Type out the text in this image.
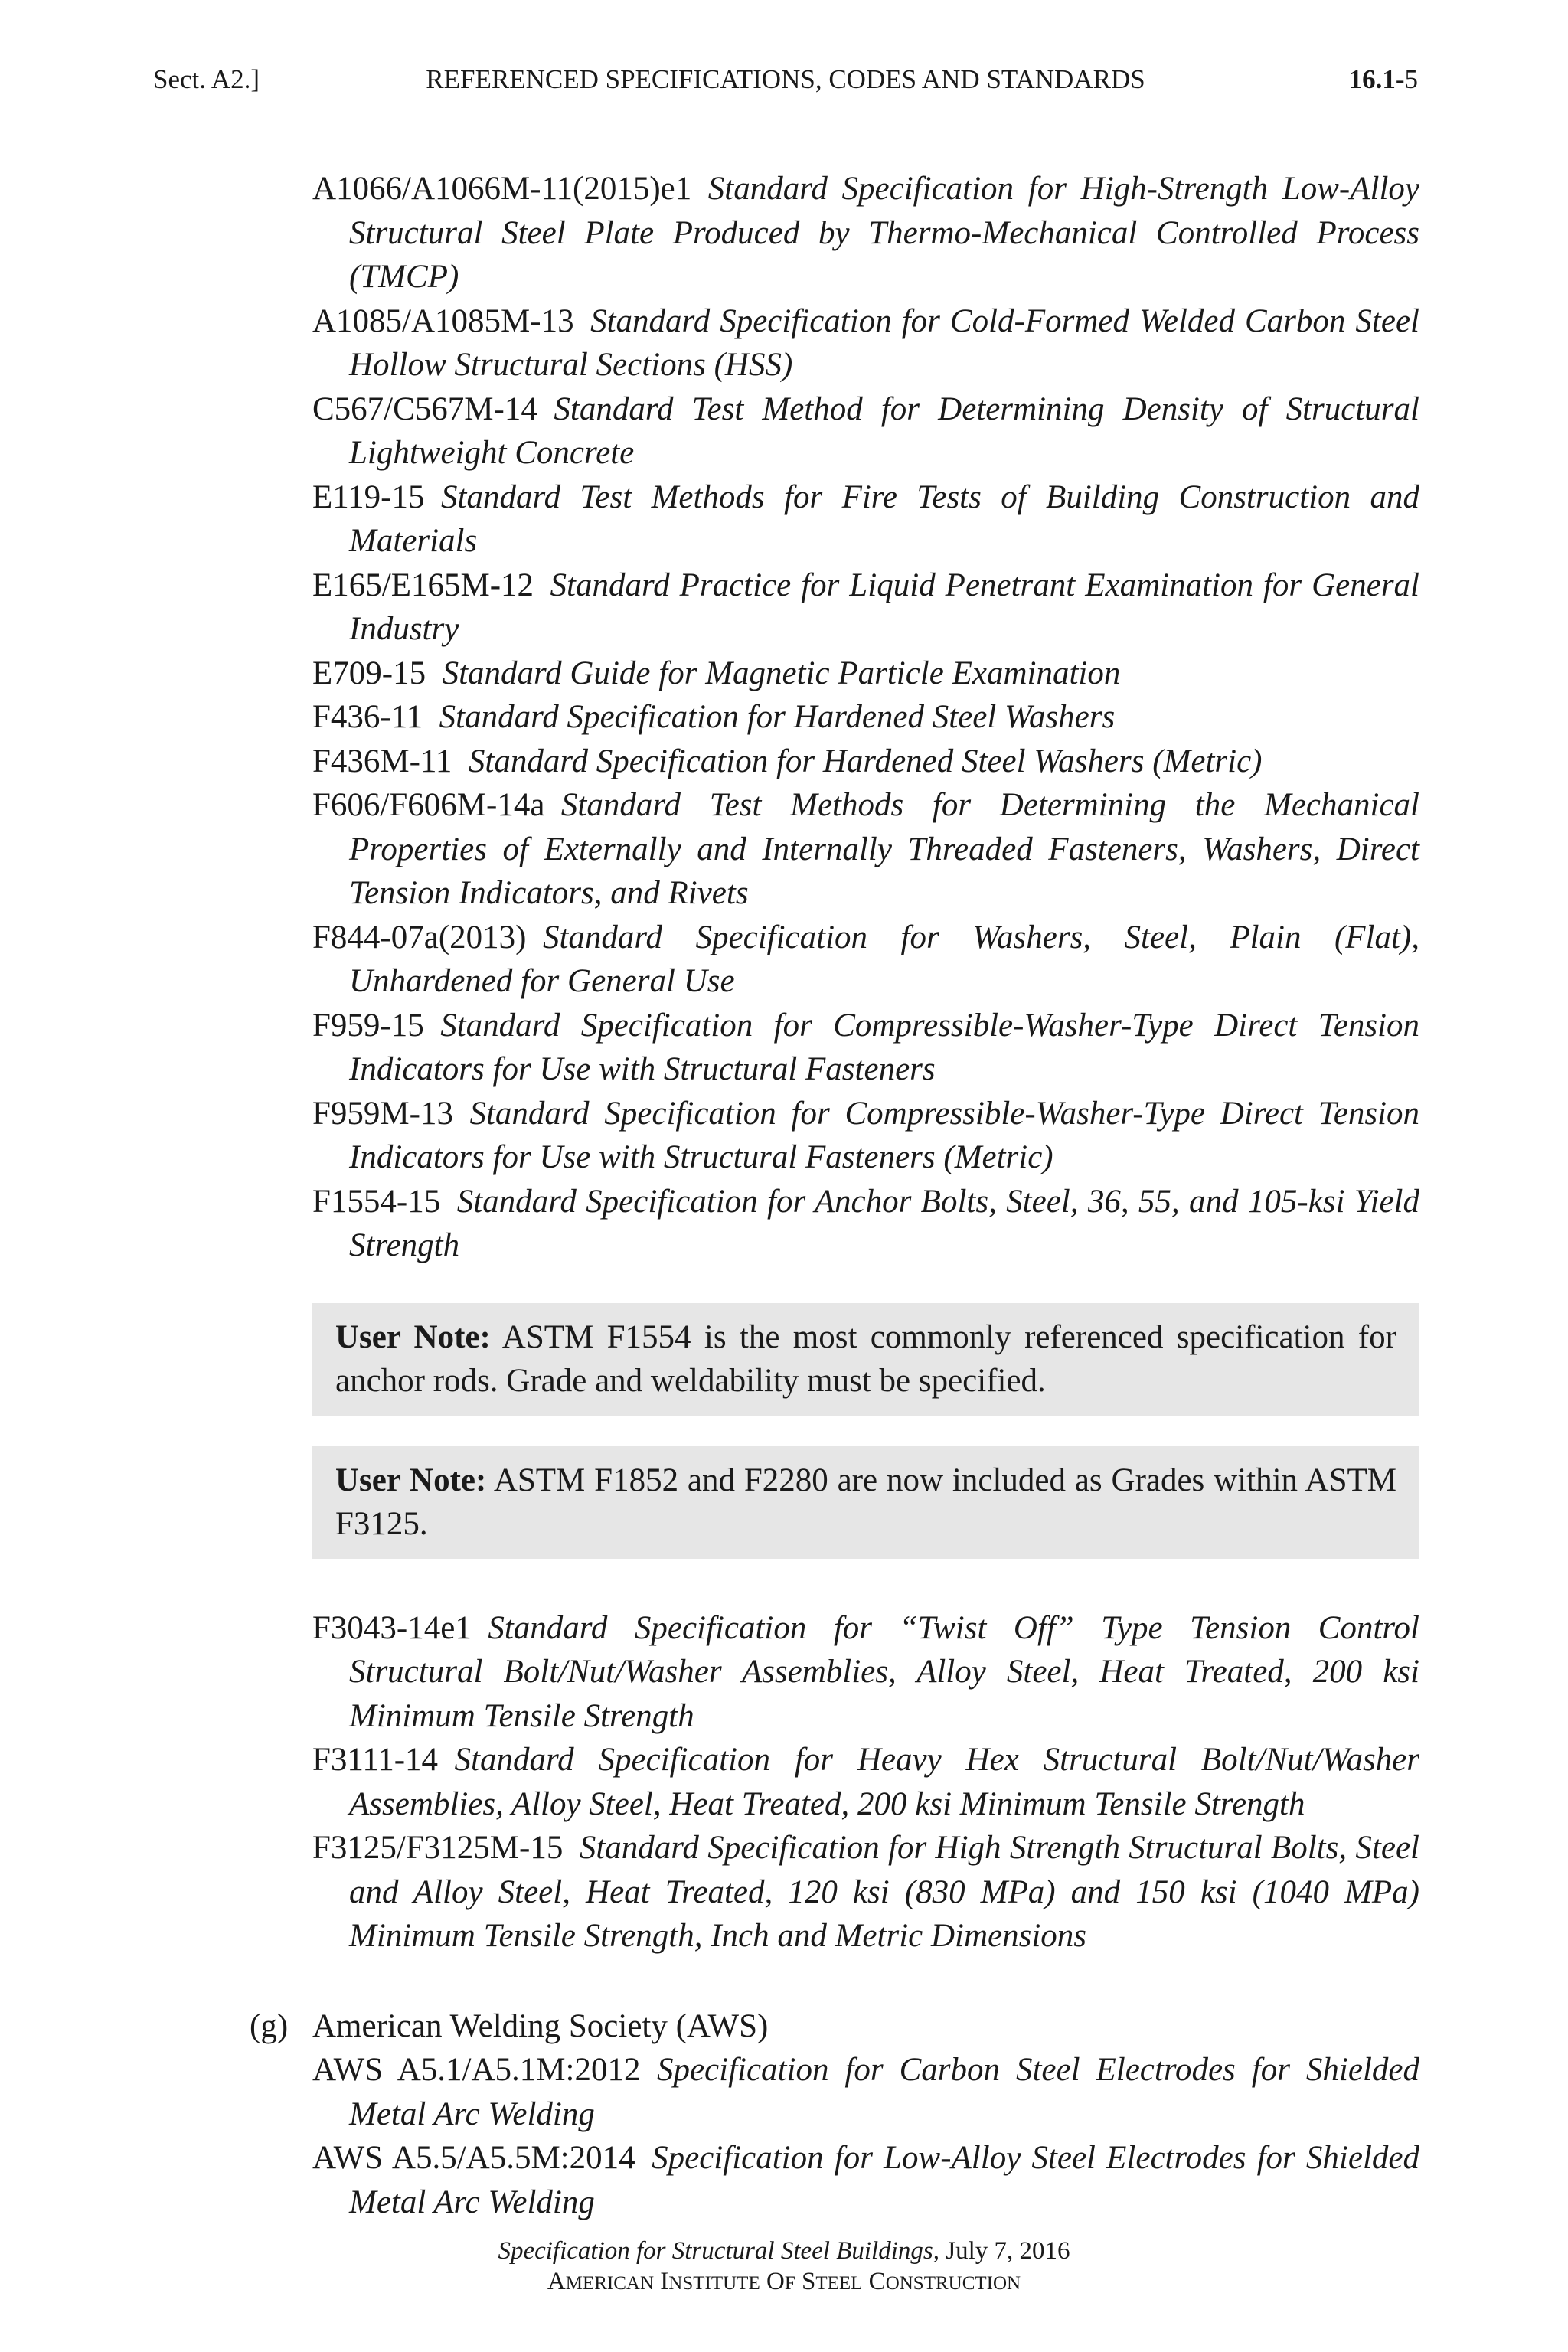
Sect. A2.]	REFERENCED SPECIFICATIONS, CODES AND STANDARDS	16.1-5
A1066/A1066M-11(2015)e1  Standard Specification for High-Strength Low-Alloy Structural Steel Plate Produced by Thermo-Mechanical Controlled Process (TMCP)
A1085/A1085M-13  Standard Specification for Cold-Formed Welded Carbon Steel Hollow Structural Sections (HSS)
C567/C567M-14  Standard Test Method for Determining Density of Structural Lightweight Concrete
E119-15  Standard Test Methods for Fire Tests of Building Construction and Materials
E165/E165M-12  Standard Practice for Liquid Penetrant Examination for General Industry
E709-15  Standard Guide for Magnetic Particle Examination
F436-11  Standard Specification for Hardened Steel Washers
F436M-11  Standard Specification for Hardened Steel Washers (Metric)
F606/F606M-14a  Standard Test Methods for Determining the Mechanical Properties of Externally and Internally Threaded Fasteners, Washers, Direct Tension Indicators, and Rivets
F844-07a(2013)  Standard Specification for Washers, Steel, Plain (Flat), Unhardened for General Use
F959-15  Standard Specification for Compressible-Washer-Type Direct Tension Indicators for Use with Structural Fasteners
F959M-13  Standard Specification for Compressible-Washer-Type Direct Tension Indicators for Use with Structural Fasteners (Metric)
F1554-15  Standard Specification for Anchor Bolts, Steel, 36, 55, and 105-ksi Yield Strength
User Note: ASTM F1554 is the most commonly referenced specification for anchor rods. Grade and weldability must be specified.
User Note: ASTM F1852 and F2280 are now included as Grades within ASTM F3125.
F3043-14e1  Standard Specification for “Twist Off” Type Tension Control Structural Bolt/Nut/Washer Assemblies, Alloy Steel, Heat Treated, 200 ksi Minimum Tensile Strength
F3111-14  Standard Specification for Heavy Hex Structural Bolt/Nut/Washer Assemblies, Alloy Steel, Heat Treated, 200 ksi Minimum Tensile Strength
F3125/F3125M-15  Standard Specification for High Strength Structural Bolts, Steel and Alloy Steel, Heat Treated, 120 ksi (830 MPa) and 150 ksi (1040 MPa) Minimum Tensile Strength, Inch and Metric Dimensions
(g) American Welding Society (AWS)
AWS A5.1/A5.1M:2012  Specification for Carbon Steel Electrodes for Shielded Metal Arc Welding
AWS A5.5/A5.5M:2014  Specification for Low-Alloy Steel Electrodes for Shielded Metal Arc Welding
Specification for Structural Steel Buildings, July 7, 2016
AMERICAN INSTITUTE OF STEEL CONSTRUCTION
